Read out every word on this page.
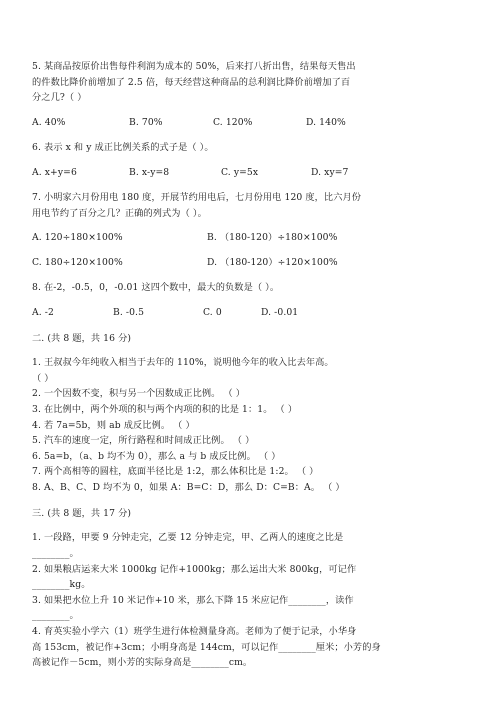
5. 某商品按原价出售每件利润为成本的 50%，后来打八折出售，结果每天售出
的件数比降价前增加了 2.5 倍，每天经营这种商品的总利润比降价前增加了百
分之几?（ ）
A. 40%	B. 70%	C. 120%	D. 140%
6. 表示 x 和 y 成正比例关系的式子是（ ）。
A. x+y=6	B. x-y=8	C. y=5x	D. xy=7
7. 小明家六月份用电 180 度，开展节约用电后，七月份用电 120 度，比六月份
用电节约了百分之几？正确的列式为（ ）。
A. 120÷180×100%	B. （180-120）÷180×100%
C. 180÷120×100%	D. （180-120）÷120×100%
8. 在-2，-0.5，0，-0.01 这四个数中，最大的负数是（ ）。
A. -2	B. -0.5	C. 0	D. -0.01
二. (共 8 题，共 16 分)
1. 王叔叔今年纯收入相当于去年的 110%，说明他今年的收入比去年高。
（ ）
2. 一个因数不变，积与另一个因数成正比例。 （ ）
3. 在比例中，两个外项的积与两个内项的积的比是 1：1。 （ ）
4. 若 7a=5b，则 ab 成反比例。 （ ）
5. 汽车的速度一定，所行路程和时间成正比例。 （ ）
6. 5a=b，（a、b 均不为 0），那么 a 与 b 成反比例。 （ ）
7. 两个高相等的圆柱，底面半径比是 1:2，那么体积比是 1:2。 （ ）
8. A、B、C、D 均不为 0，如果 A：B=C：D，那么 D：C=B：A。 （ ）
三. (共 8 题，共 17 分)
1. 一段路，甲要 9 分钟走完，乙要 12 分钟走完，甲、乙两人的速度之比是
________。
2. 如果粮店运来大米 1000kg 记作+1000kg；那么运出大米 800kg，可记作
________kg。
3. 如果把水位上升 10 米记作+10 米，那么下降 15 米应记作________，读作
________。
4. 育英实验小学六（1）班学生进行体检测量身高。老师为了便于记录，小华身
高 153cm，被记作+3cm；小明身高是 144cm，可以记作________厘米；小芳的身
高被记作－5cm，则小芳的实际身高是________cm。
